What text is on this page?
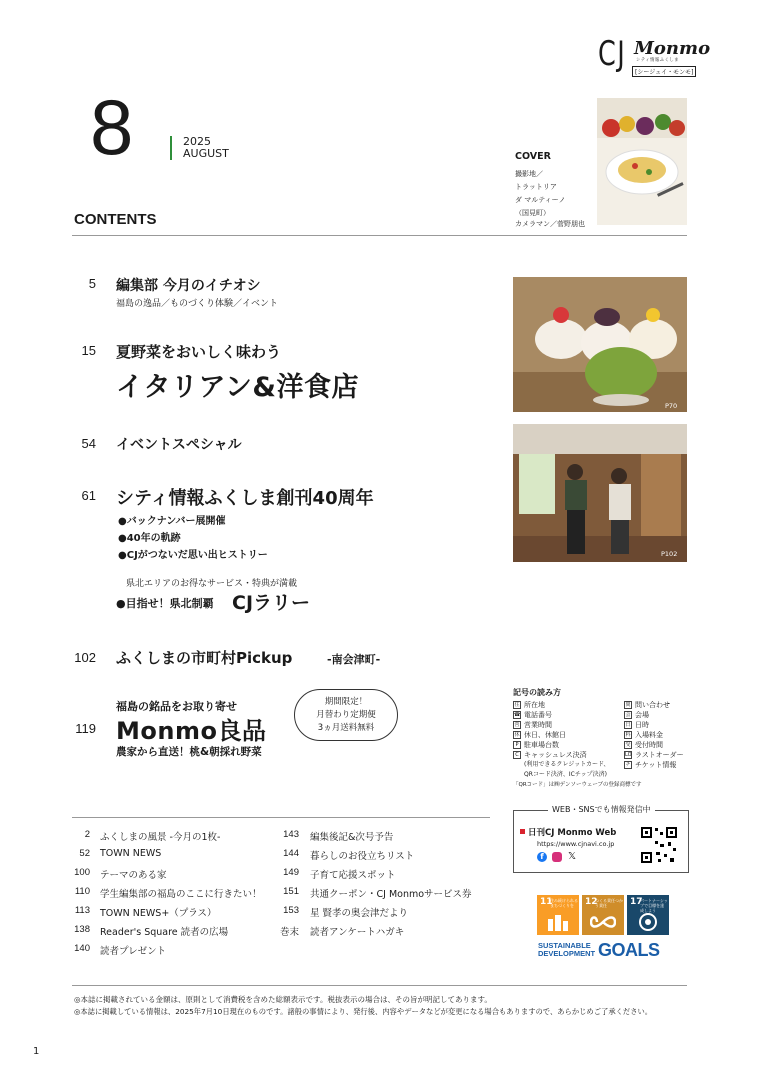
CJ Monmo
シティ情報ふくしま
[シージェイ・モンモ]
8	2025
AUGUST
CONTENTS
COVER
撮影地／
トラットリア
ダ マルティーノ
（国見町）
カメラマン／菅野朋也
P70
P102
5 編集部 今月のイチオシ
福島の逸品／ものづくり体験／イベント
15 夏野菜をおいしく味わう
イタリアン&洋食店
54 イベントスペシャル
61 シティ情報ふくしま創刊40周年
●バックナンバー展開催
●40年の軌跡
●CJがつないだ思い出ヒストリー
県北エリアのお得なサービス・特典が満載
●目指せ！県北制覇 CJラリー
102 ふくしまの市町村Pickup	-南会津町-
119
福島の銘品をお取り寄せ
Monmo良品
農家から直送！桃&朝採れ野菜
期間限定！
月替わり定期便
3ヵ月送料無料
記号の読み方
住 所在地
☎ 電話番号
営 営業時間
休 休日、休館日
P 駐車場台数
C キャッシュレス決済
(利用できるクレジットカード、
QRコード決済、ICチップ決済)
問 問い合わせ
会 会場
日 日時
料 入場料金
受 受付時間
LO ラストオーダー
チ チケット情報
「QRコード」は㈱デンソーウェーブの登録商標です
WEB・SNSでも情報発信中
日刊CJ Monmo Web
https://www.cjnavi.co.jp
f	𝕏
2 ふくしまの風景 -今月の1枚-
52 TOWN NEWS
100 テーマのある家
110 学生編集部の福島のここに行きたい！
113 TOWN NEWS+（プラス）
138 Reader's Square 読者の広場
140 読者プレゼント
143 編集後記&次号予告
144 暮らしのお役立ちリスト
149 子育て応援スポット
151 共通クーポン・CJ Monmoサービス券
153 星 賢孝の奥会津だより
巻末 読者アンケートハガキ
11
住み続けられるまちづくりを	12
つくる責任つかう責任	17
パートナーシップで目標を達成しよう
SUSTAINABLE
DEVELOPMENT GOALS
◎本誌に掲載されている金額は、原則として消費税を含めた総額表示です。税抜表示の場合は、その旨が明記してあります。
◎本誌に掲載している情報は、2025年7月10日現在のものです。諸般の事情により、発行後、内容やデータなどが変更になる場合もありますので、あらかじめご了承ください。
1
